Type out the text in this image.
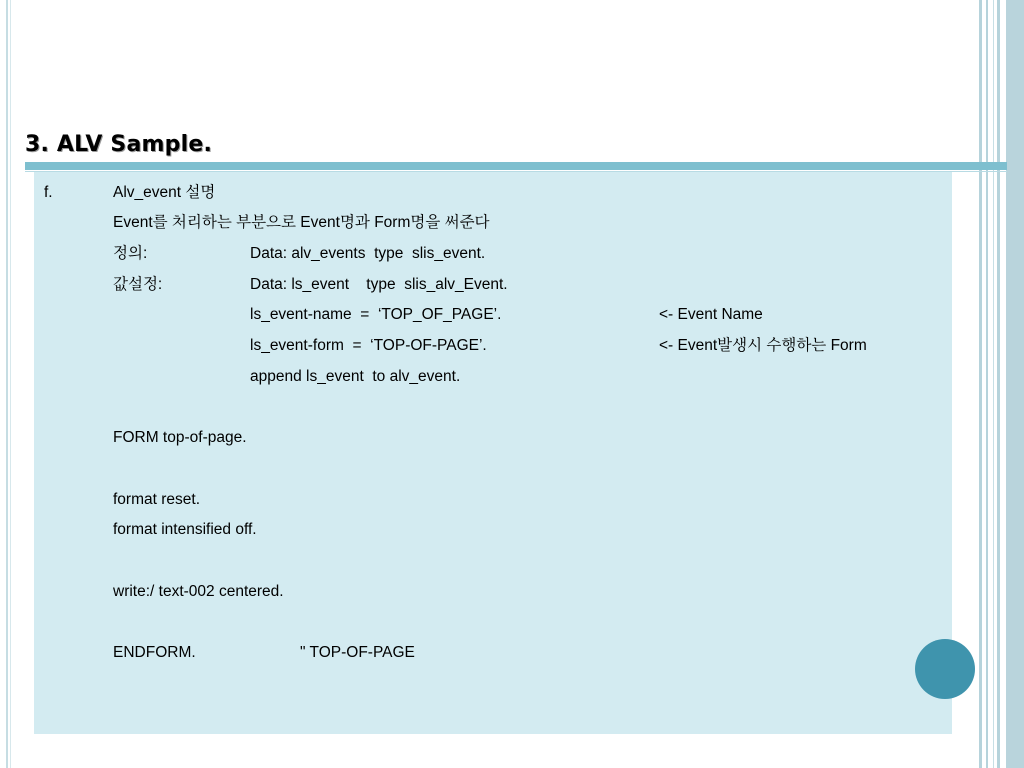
3. ALV Sample.
f.	Alv_event 설명
Event를 처리하는 부분으로 Event명과 Form명을 써준다
정의:	Data: alv_events  type  slis_event.
값설정:	Data: ls_event    type  slis_alv_Event.
ls_event-name  =  ‘TOP_OF_PAGE’.	<- Event Name
ls_event-form  =  ‘TOP-OF-PAGE’.	<- Event발생시 수행하는 Form
append ls_event  to alv_event.
FORM top-of-page.
format reset.
format intensified off.
write:/ text-002 centered.
ENDFORM.	" TOP-OF-PAGE
